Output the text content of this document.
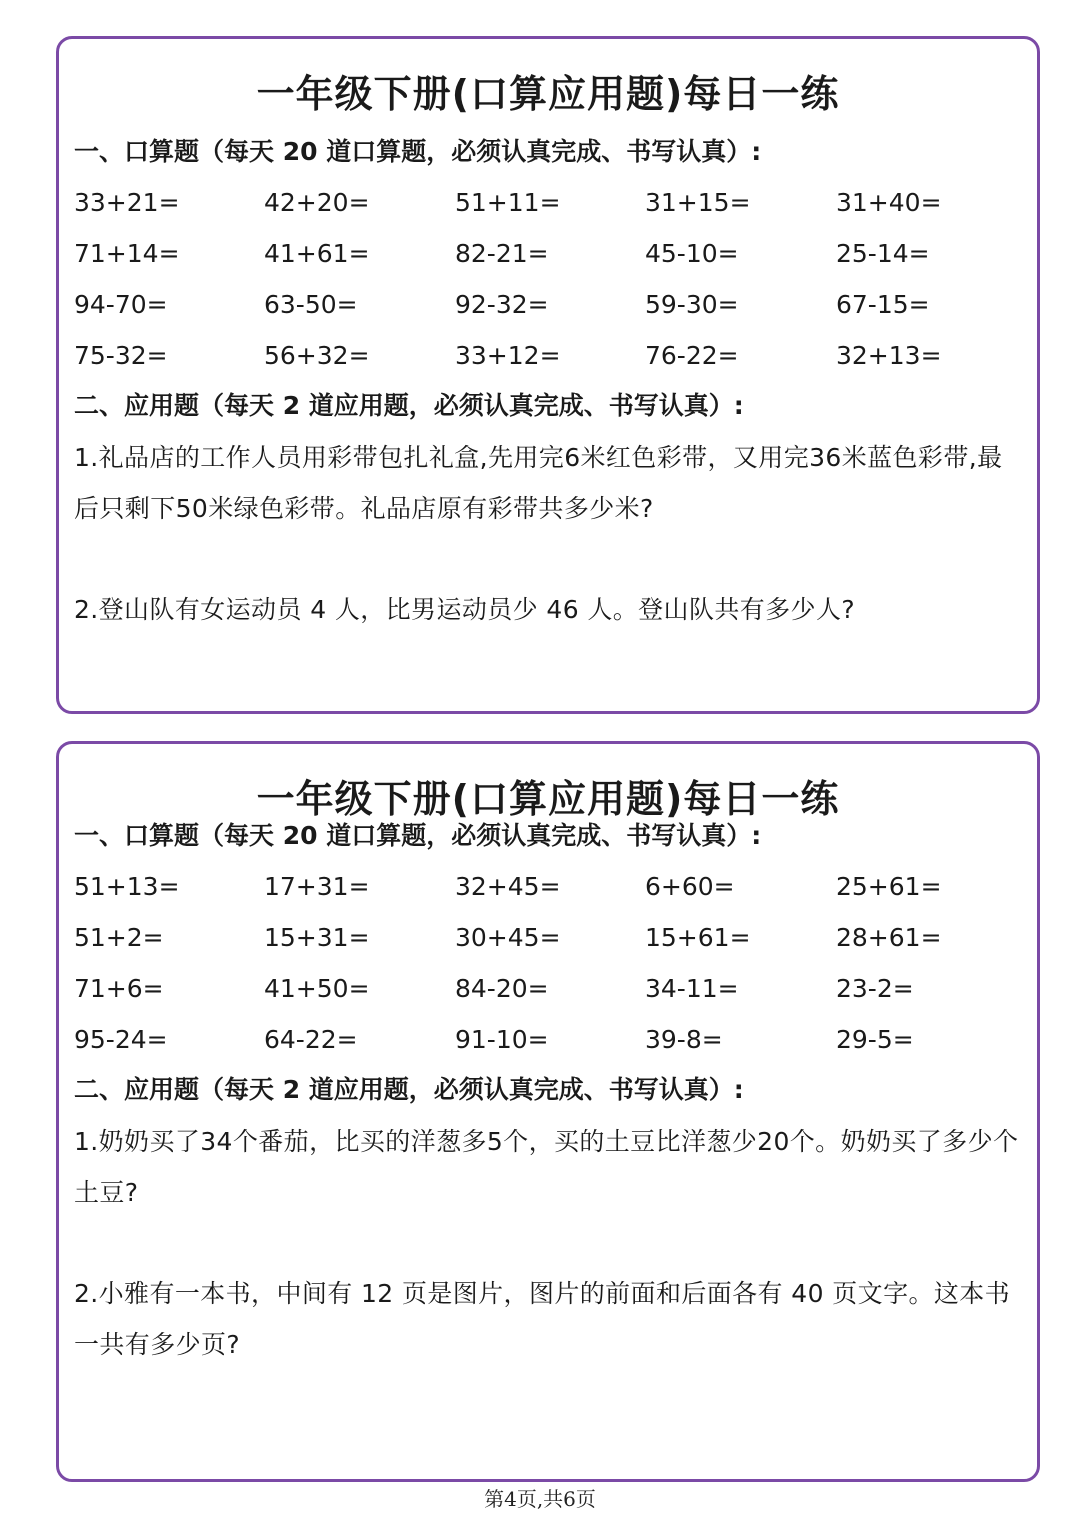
一年级下册(口算应用题)每日一练
一、口算题（每天 20 道口算题，必须认真完成、书写认真）:
33+21=	42+20=	51+11=	31+15=	31+40=
71+14=	41+61=	82-21=	45-10=	25-14=
94-70=	63-50=	92-32=	59-30=	67-15=
75-32=	56+32=	33+12=	76-22=	32+13=
二、应用题（每天 2 道应用题，必须认真完成、书写认真）:
1.礼品店的工作人员用彩带包扎礼盒,先用完6米红色彩带，又用完36米蓝色彩带,最后只剩下50米绿色彩带。礼品店原有彩带共多少米?
2.登山队有女运动员 4 人，比男运动员少 46 人。登山队共有多少人?
一年级下册(口算应用题)每日一练
一、口算题（每天 20 道口算题，必须认真完成、书写认真）:
51+13=	17+31=	32+45=	6+60=	25+61=
51+2=	15+31=	30+45=	15+61=	28+61=
71+6=	41+50=	84-20=	34-11=	23-2=
95-24=	64-22=	91-10=	39-8=	29-5=
二、应用题（每天 2 道应用题，必须认真完成、书写认真）:
1.奶奶买了34个番茄，比买的洋葱多5个，买的土豆比洋葱少20个。奶奶买了多少个土豆?
2.小雅有一本书，中间有 12 页是图片，图片的前面和后面各有 40 页文字。这本书一共有多少页?
第4页,共6页
